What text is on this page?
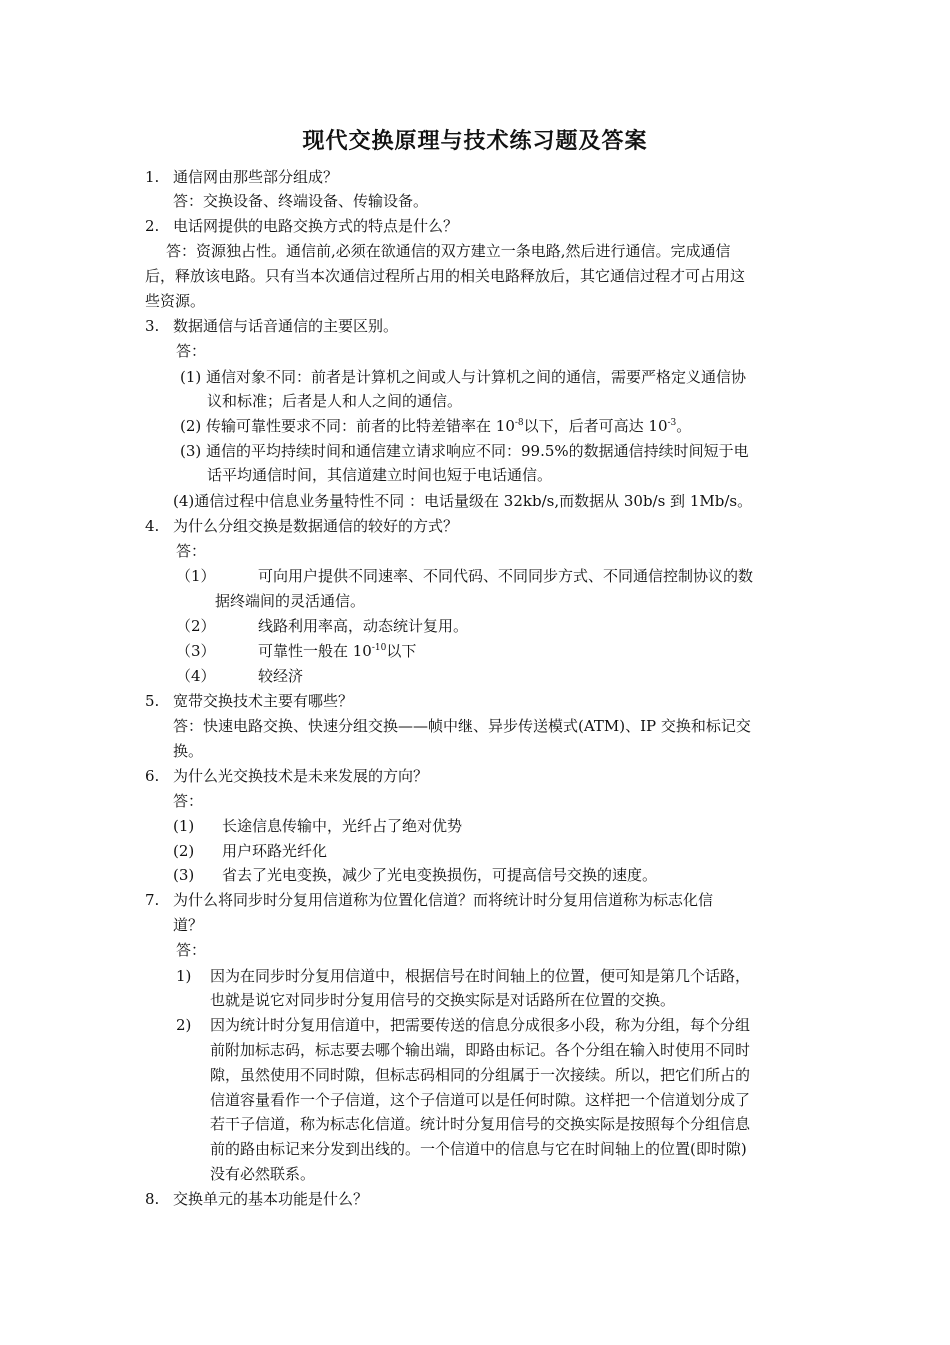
现代交换原理与技术练习题及答案
1. 通信网由那些部分组成？
答：交换设备、终端设备、传输设备。
2. 电话网提供的电路交换方式的特点是什么？
答：资源独占性。通信前,必须在欲通信的双方建立一条电路,然后进行通信。完成通信
后，释放该电路。只有当本次通信过程所占用的相关电路释放后，其它通信过程才可占用这
些资源。
3. 数据通信与话音通信的主要区别。
答：
(1) 通信对象不同：前者是计算机之间或人与计算机之间的通信，需要严格定义通信协
议和标准；后者是人和人之间的通信。
(2) 传输可靠性要求不同：前者的比特差错率在 $10^{-8}$以下，后者可高达 $10^{-3}$。
(3) 通信的平均持续时间和通信建立请求响应不同：99.5%的数据通信持续时间短于电
话平均通信时间，其信道建立时间也短于电话通信。
(4)通信过程中信息业务量特性不同 ：电话量级在 32kb/s,而数据从 30b/s 到 1Mb/s。
4. 为什么分组交换是数据通信的较好的方式？
答：
（1）	可向用户提供不同速率、不同代码、不同同步方式、不同通信控制协议的数
据终端间的灵活通信。
（2）	线路利用率高，动态统计复用。
（3）	可靠性一般在 $10^{-10}$以下
（4）	较经济
5. 宽带交换技术主要有哪些？
答：快速电路交换、快速分组交换——帧中继、异步传送模式(ATM)、IP 交换和标记交
换。
6. 为什么光交换技术是未来发展的方向？
答：
(1) 长途信息传输中，光纤占了绝对优势
(2) 用户环路光纤化
(3) 省去了光电变换，减少了光电变换损伤，可提高信号交换的速度。
7. 为什么将同步时分复用信道称为位置化信道？而将统计时分复用信道称为标志化信
道？
答：
1) 因为在同步时分复用信道中，根据信号在时间轴上的位置，便可知是第几个话路，
也就是说它对同步时分复用信号的交换实际是对话路所在位置的交换。
2) 因为统计时分复用信道中，把需要传送的信息分成很多小段，称为分组，每个分组
前附加标志码，标志要去哪个输出端，即路由标记。各个分组在输入时使用不同时
隙，虽然使用不同时隙，但标志码相同的分组属于一次接续。所以，把它们所占的
信道容量看作一个子信道，这个子信道可以是任何时隙。这样把一个信道划分成了
若干子信道，称为标志化信道。统计时分复用信号的交换实际是按照每个分组信息
前的路由标记来分发到出线的。一个信道中的信息与它在时间轴上的位置(即时隙)
没有必然联系。
8. 交换单元的基本功能是什么？
